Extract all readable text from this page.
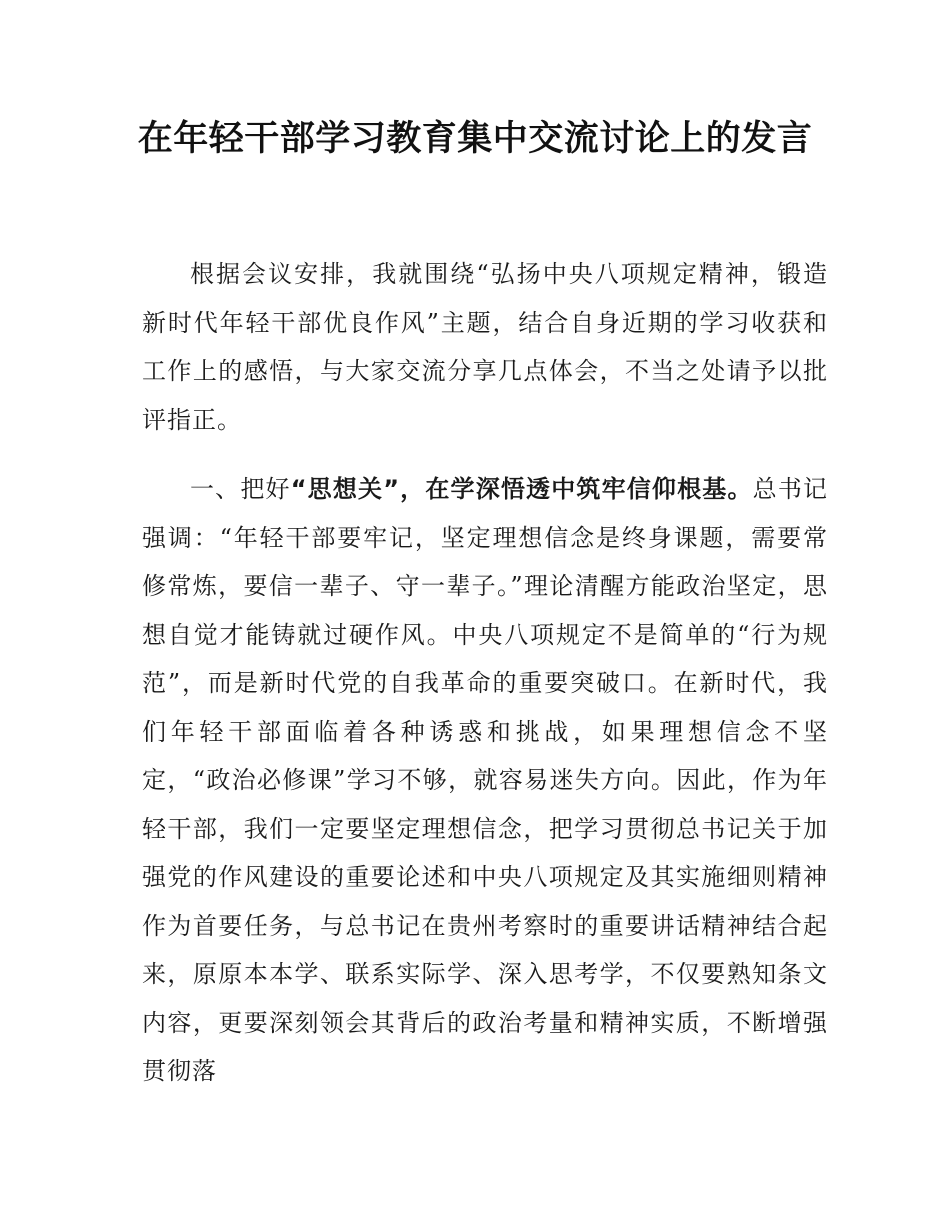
在年轻干部学习教育集中交流讨论上的发言

根据会议安排，我就围绕“弘扬中央八项规定精神，锻造新时代年轻干部优良作风”主题，结合自身近期的学习收获和工作上的感悟，与大家交流分享几点体会，不当之处请予以批评指正。

一、把好“思想关”，在学深悟透中筑牢信仰根基。总书记强调：“年轻干部要牢记，坚定理想信念是终身课题，需要常修常炼，要信一辈子、守一辈子。”理论清醒方能政治坚定，思想自觉才能铸就过硬作风。中央八项规定不是简单的“行为规范”，而是新时代党的自我革命的重要突破口。在新时代，我们年轻干部面临着各种诱惑和挑战，如果理想信念不坚定，“政治必修课”学习不够，就容易迷失方向。因此，作为年轻干部，我们一定要坚定理想信念，把学习贯彻总书记关于加强党的作风建设的重要论述和中央八项规定及其实施细则精神作为首要任务，与总书记在贵州考察时的重要讲话精神结合起来，原原本本学、联系实际学、深入思考学，不仅要熟知条文内容，更要深刻领会其背后的政治考量和精神实质，不断增强贯彻落
